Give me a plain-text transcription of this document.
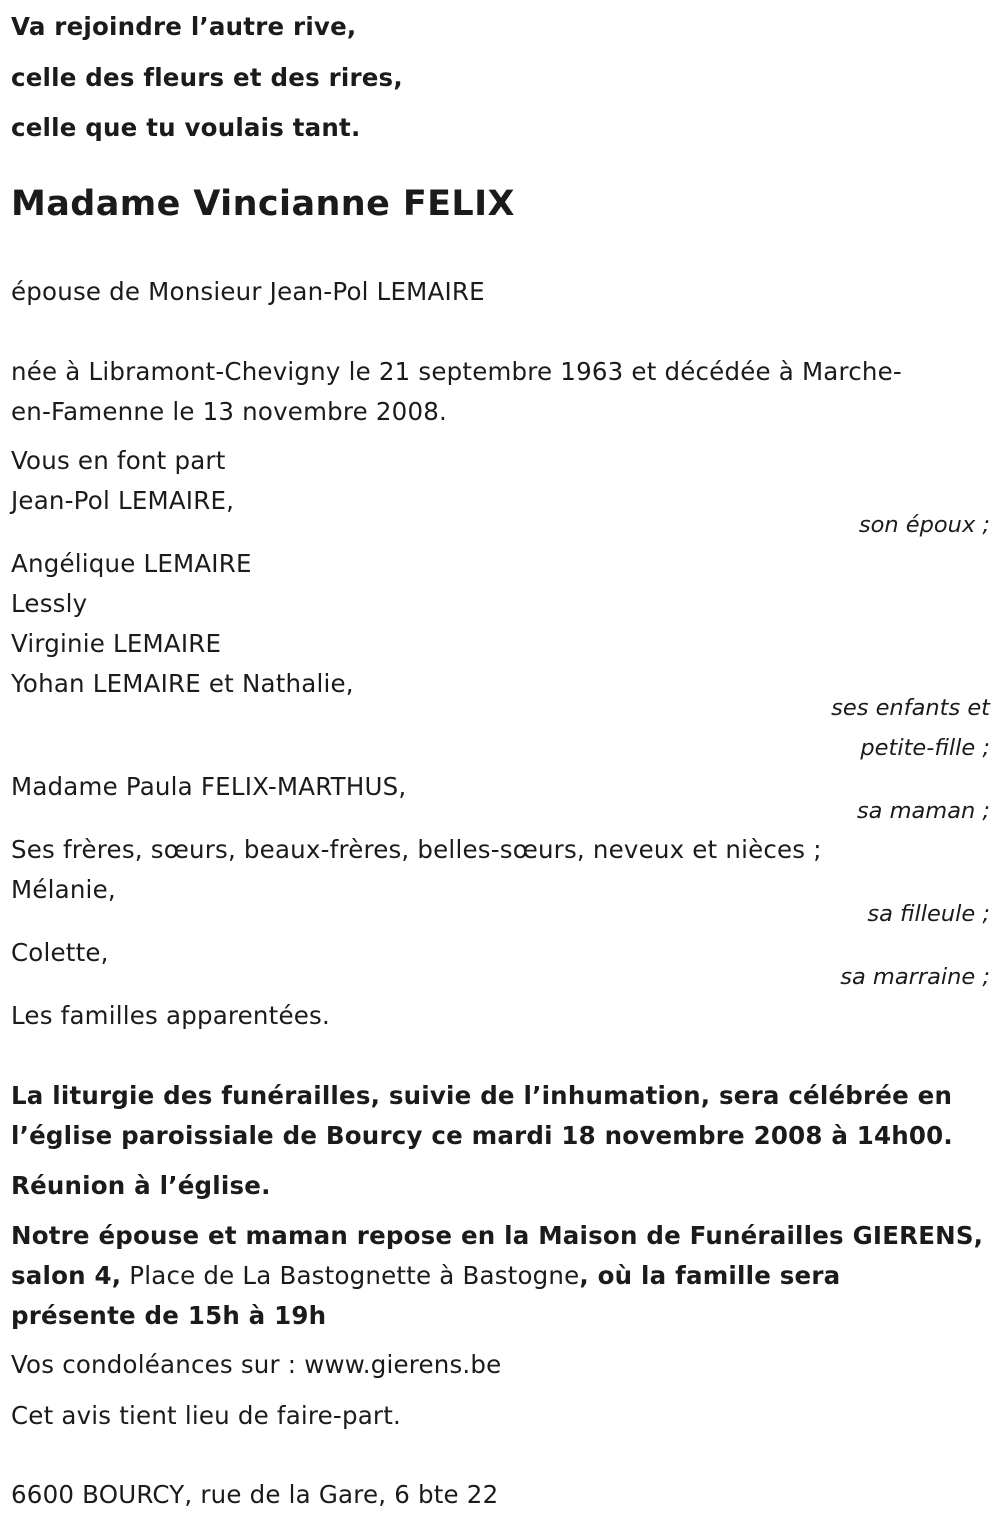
Va rejoindre l’autre rive,
celle des fleurs et des rires,
celle que tu voulais tant.
Madame Vincianne FELIX
épouse de Monsieur Jean-Pol LEMAIRE
née à Libramont-Chevigny le 21 septembre 1963 et décédée à Marche-
en-Famenne le 13 novembre 2008.
Vous en font part
Jean-Pol LEMAIRE,
son époux ;
Angélique LEMAIRE
Lessly
Virginie LEMAIRE
Yohan LEMAIRE et Nathalie,
ses enfants et
petite-fille ;
Madame Paula FELIX-MARTHUS,
sa maman ;
Ses frères, sœurs, beaux-frères, belles-sœurs, neveux et nièces ;
Mélanie,
sa filleule ;
Colette,
sa marraine ;
Les familles apparentées.
La liturgie des funérailles, suivie de l’inhumation, sera célébrée en
l’église paroissiale de Bourcy ce mardi 18 novembre 2008 à 14h00.
Réunion à l’église.
Notre épouse et maman repose en la Maison de Funérailles GIERENS,
salon 4, Place de La Bastognette à Bastogne, où la famille sera
présente de 15h à 19h
Vos condoléances sur : www.gierens.be
Cet avis tient lieu de faire-part.
6600 BOURCY, rue de la Gare, 6 bte 22
